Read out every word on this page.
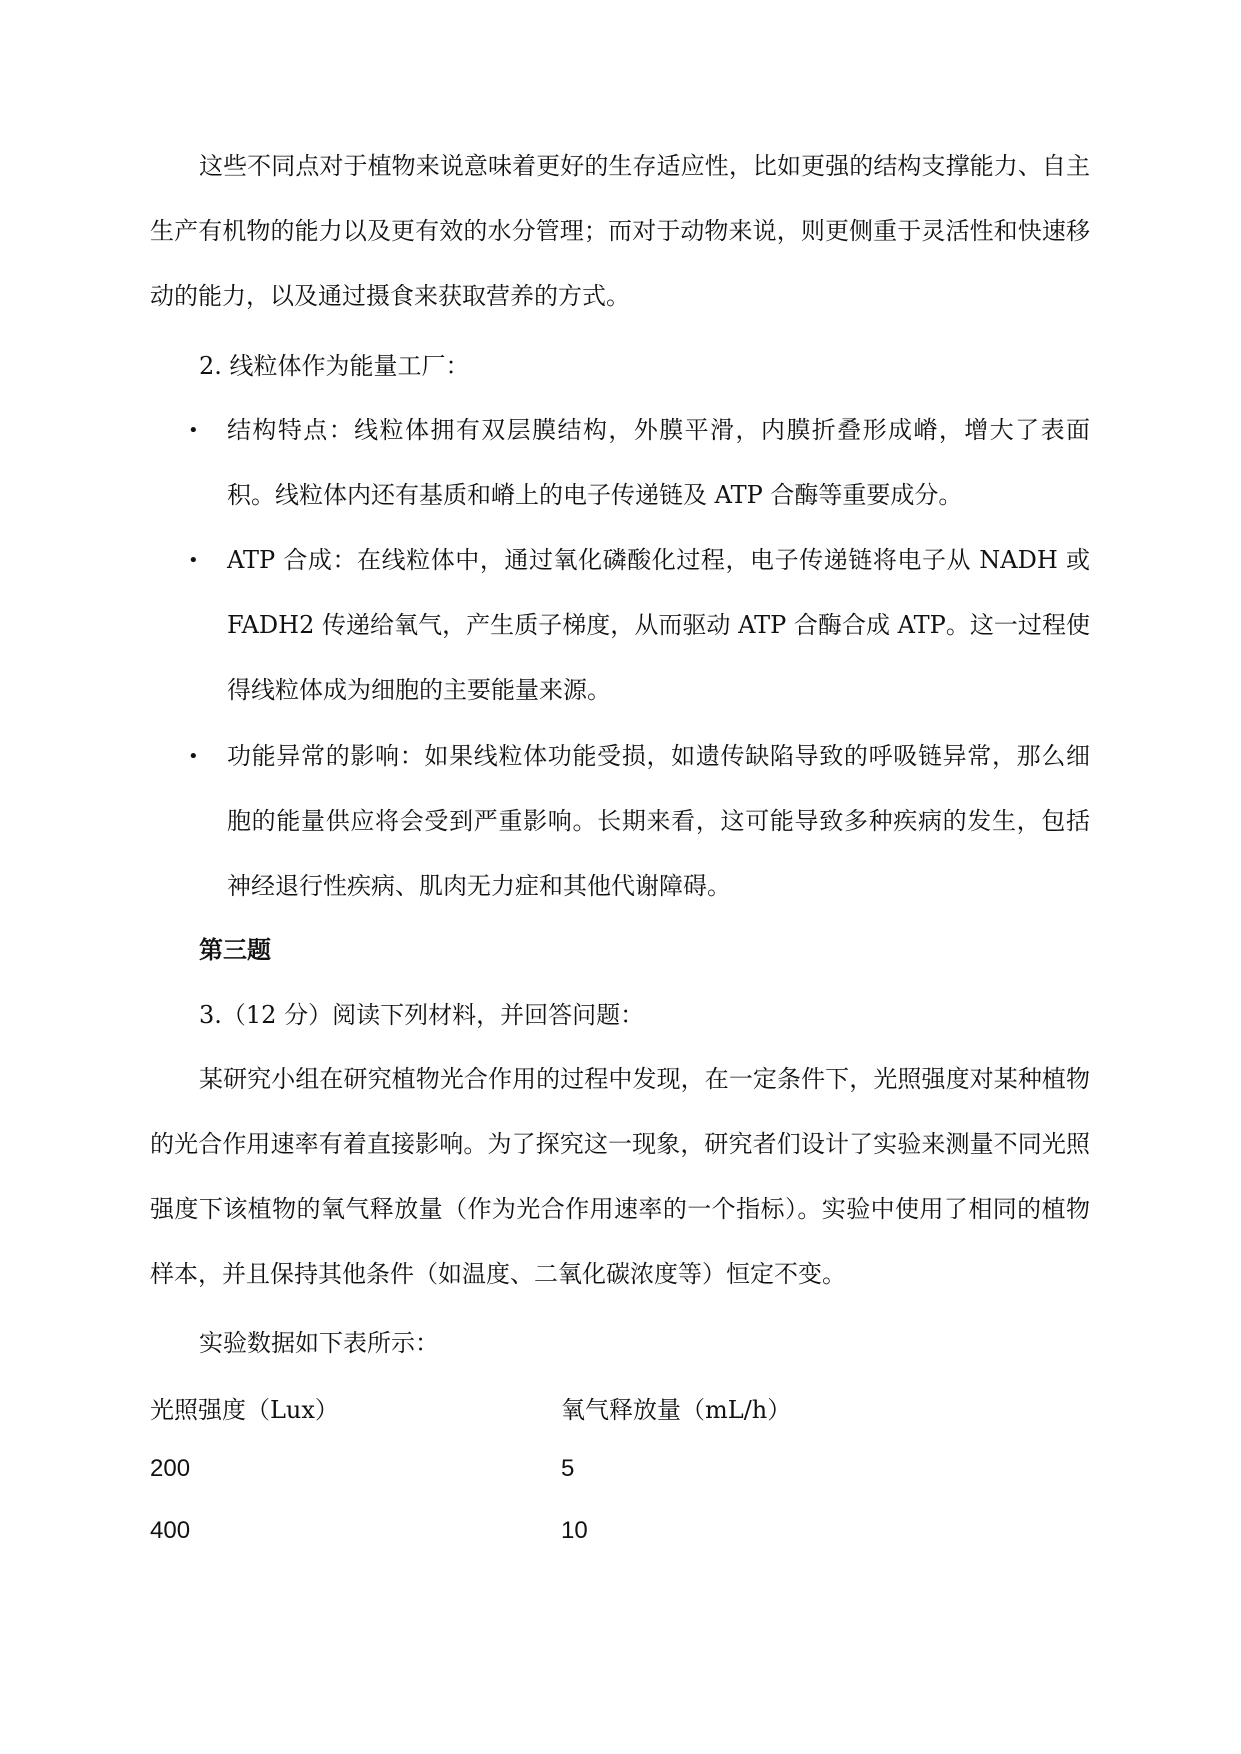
这些不同点对于植物来说意味着更好的生存适应性，比如更强的结构支撑能力、自主生产有机物的能力以及更有效的水分管理；而对于动物来说，则更侧重于灵活性和快速移动的能力，以及通过摄食来获取营养的方式。

2. 线粒体作为能量工厂：

• 结构特点：线粒体拥有双层膜结构，外膜平滑，内膜折叠形成嵴，增大了表面积。线粒体内还有基质和嵴上的电子传递链及 ATP 合酶等重要成分。

• ATP 合成：在线粒体中，通过氧化磷酸化过程，电子传递链将电子从 NADH 或 FADH2 传递给氧气，产生质子梯度，从而驱动 ATP 合酶合成 ATP。这一过程使得线粒体成为细胞的主要能量来源。

• 功能异常的影响：如果线粒体功能受损，如遗传缺陷导致的呼吸链异常，那么细胞的能量供应将会受到严重影响。长期来看，这可能导致多种疾病的发生，包括神经退行性疾病、肌肉无力症和其他代谢障碍。

第三题

3.（12 分）阅读下列材料，并回答问题：

某研究小组在研究植物光合作用的过程中发现，在一定条件下，光照强度对某种植物的光合作用速率有着直接影响。为了探究这一现象，研究者们设计了实验来测量不同光照强度下该植物的氧气释放量（作为光合作用速率的一个指标）。实验中使用了相同的植物样本，并且保持其他条件（如温度、二氧化碳浓度等）恒定不变。

实验数据如下表所示：

光照强度（Lux）	氧气释放量（mL/h）
200	5
400	10
